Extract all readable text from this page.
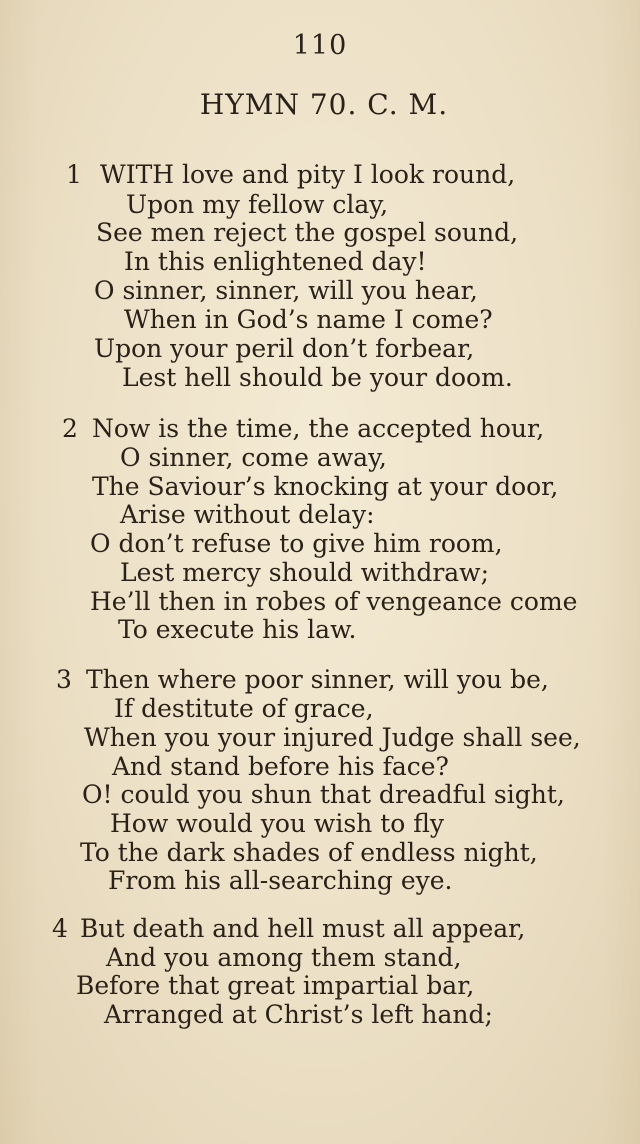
110
HYMN 70. C. M.
1 WITH love and pity I look round,
Upon my fellow clay,
See men reject the gospel sound,
In this enlightened day!
O sinner, sinner, will you hear,
When in God’s name I come?
Upon your peril don’t forbear,
Lest hell should be your doom.
2 Now is the time, the accepted hour,
O sinner, come away,
The Saviour’s knocking at your door,
Arise without delay:
O don’t refuse to give him room,
Lest mercy should withdraw;
He’ll then in robes of vengeance come
To execute his law.
3 Then where poor sinner, will you be,
If destitute of grace,
When you your injured Judge shall see,
And stand before his face?
O! could you shun that dreadful sight,
How would you wish to fly
To the dark shades of endless night,
From his all-searching eye.
4 But death and hell must all appear,
And you among them stand,
Before that great impartial bar,
Arranged at Christ’s left hand;
